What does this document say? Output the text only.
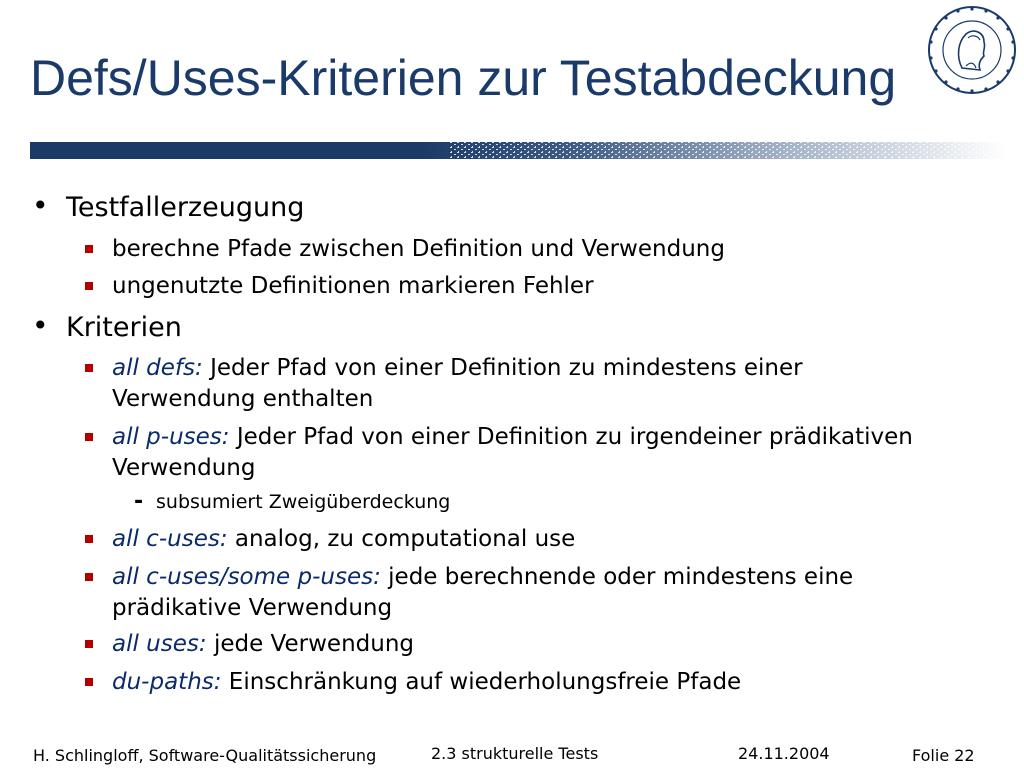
Defs/Uses-Kriterien zur Testabdeckung
• Testfallerzeugung
berechne Pfade zwischen Definition und Verwendung
ungenutzte Definitionen markieren Fehler
• Kriterien
all defs: Jeder Pfad von einer Definition zu mindestens einer
Verwendung enthalten
all p-uses: Jeder Pfad von einer Definition zu irgendeiner prädikativen
Verwendung
- subsumiert Zweigüberdeckung
all c-uses: analog, zu computational use
all c-uses/some p-uses: jede berechnende oder mindestens eine
prädikative Verwendung
all uses: jede Verwendung
du-paths: Einschränkung auf wiederholungsfreie Pfade
H. Schlingloff, Software-Qualitätssicherung	2.3 strukturelle Tests	24.11.2004	Folie 22
